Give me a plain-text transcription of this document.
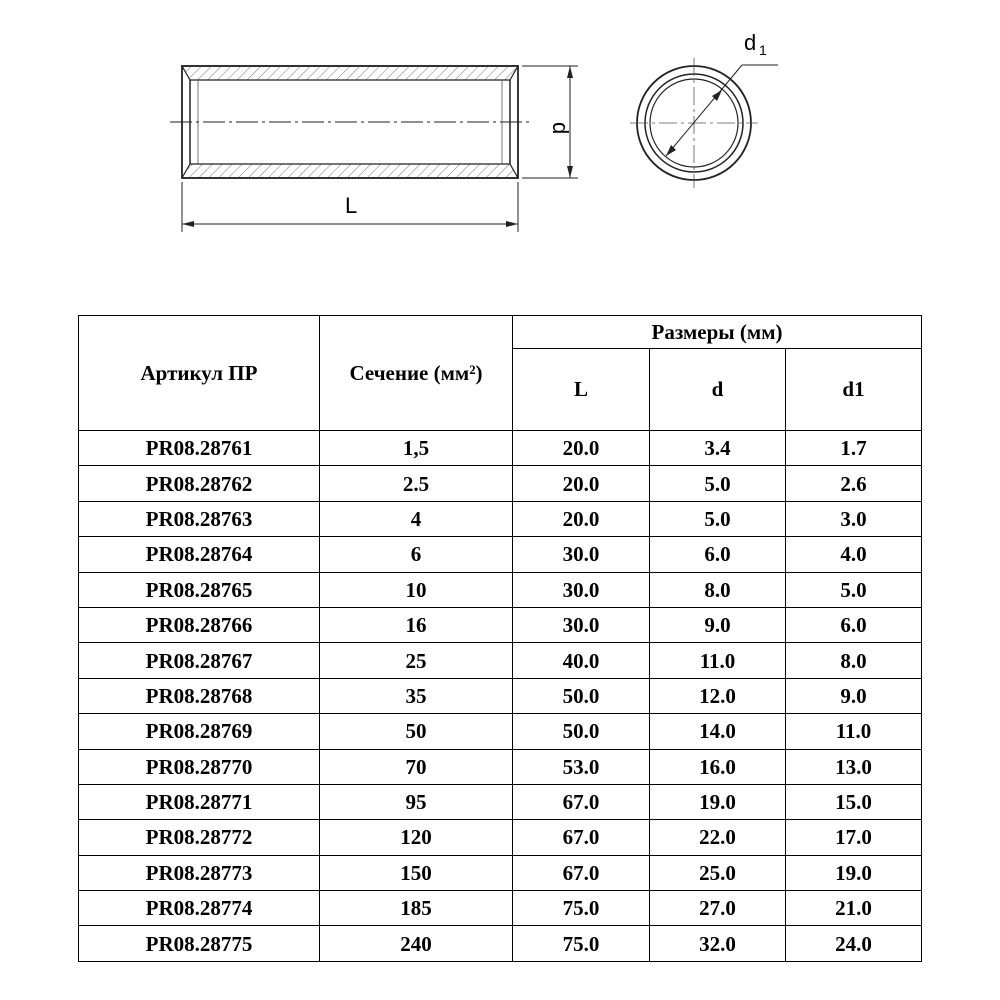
L
d
d 1
Артикул ПР	Сечение (мм²)	Размеры (мм)		
		L	d	d1
PR08.28761	1,5	20.0	3.4	1.7
PR08.28762	2.5	20.0	5.0	2.6
PR08.28763	4	20.0	5.0	3.0
PR08.28764	6	30.0	6.0	4.0
PR08.28765	10	30.0	8.0	5.0
PR08.28766	16	30.0	9.0	6.0
PR08.28767	25	40.0	11.0	8.0
PR08.28768	35	50.0	12.0	9.0
PR08.28769	50	50.0	14.0	11.0
PR08.28770	70	53.0	16.0	13.0
PR08.28771	95	67.0	19.0	15.0
PR08.28772	120	67.0	22.0	17.0
PR08.28773	150	67.0	25.0	19.0
PR08.28774	185	75.0	27.0	21.0
PR08.28775	240	75.0	32.0	24.0
